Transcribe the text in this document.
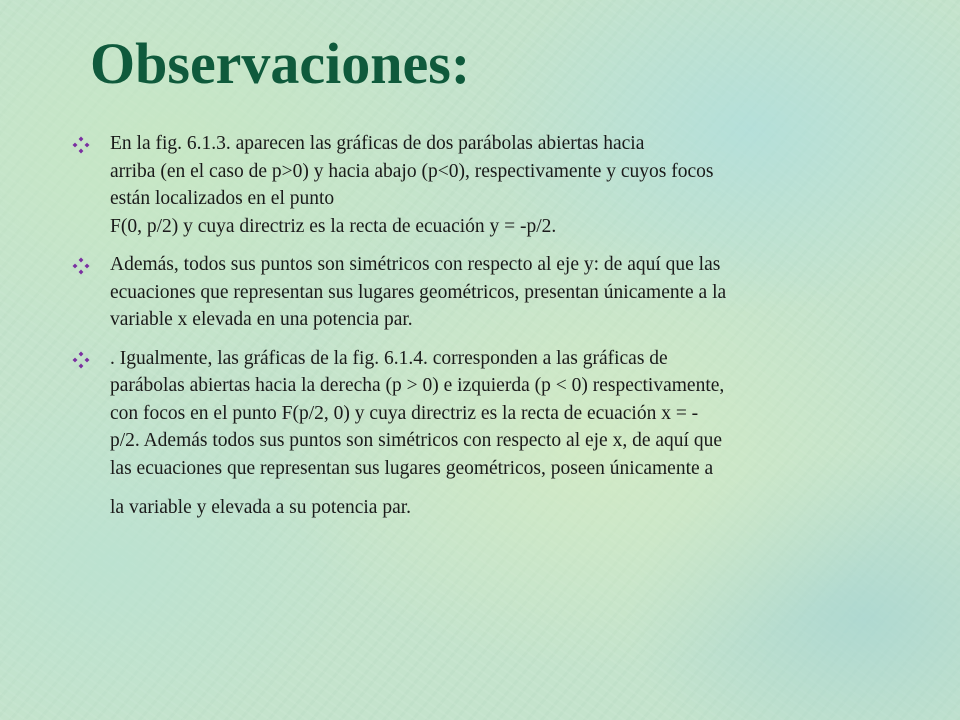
Observaciones:
En la fig. 6.1.3. aparecen las gráficas de dos parábolas abiertas hacia
arriba (en el caso de p>0) y hacia abajo (p<0), respectivamente y cuyos focos
están localizados en el punto
F(0, p/2) y cuya directriz es la recta de ecuación y = -p/2.
Además, todos sus puntos son simétricos con respecto al eje y: de aquí que las
ecuaciones que representan sus lugares geométricos, presentan únicamente a la
variable x elevada en una potencia par.
. Igualmente, las gráficas de la fig. 6.1.4. corresponden a las gráficas de
parábolas abiertas hacia la derecha (p > 0) e izquierda (p < 0) respectivamente,
con focos en el punto F(p/2, 0) y cuya directriz es la recta de ecuación x = -
p/2. Además todos sus puntos son simétricos con respecto al eje x, de aquí que
las ecuaciones que representan sus lugares geométricos, poseen únicamente a
la variable y elevada a su potencia par.
